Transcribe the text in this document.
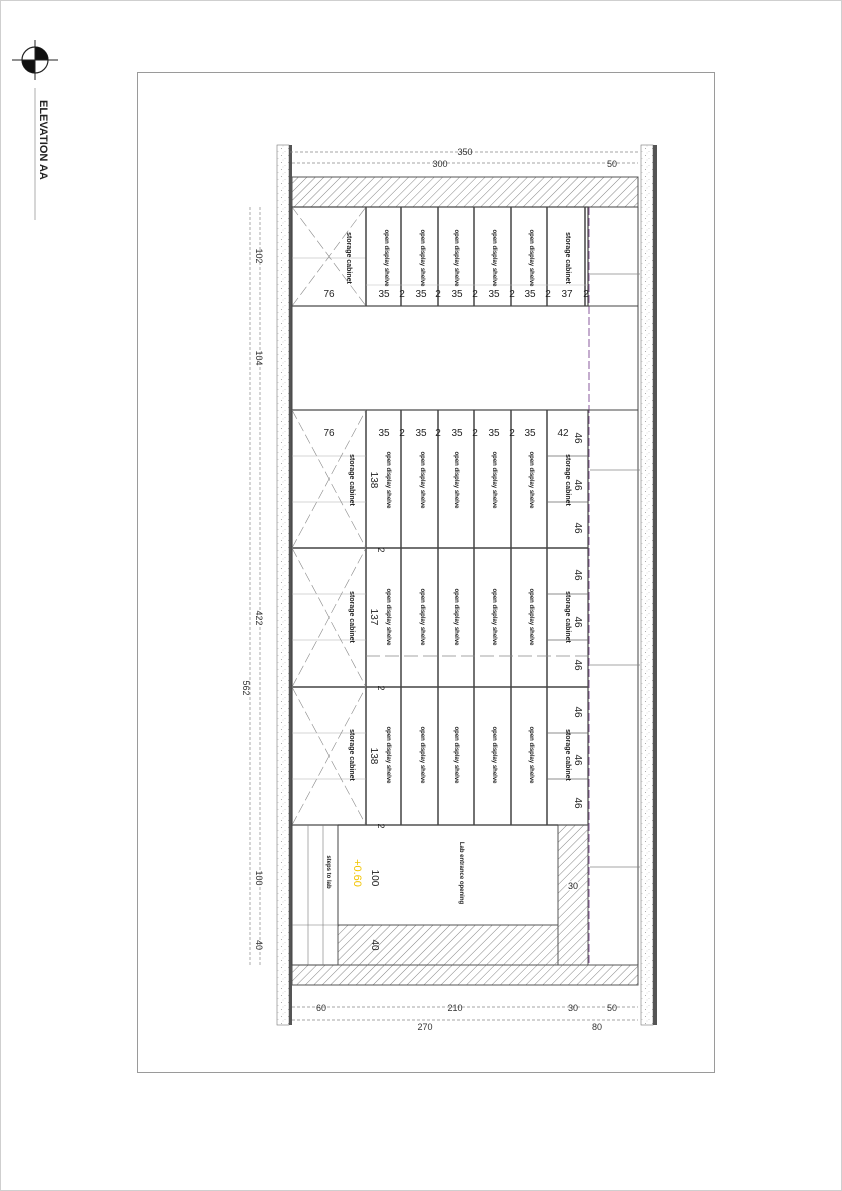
ELEVATION AA	350
300	50
102
104
422
100
40
562
60	210	30	50
270	80
76	35 2 35 2 35 2 35 2 35 2 37 2
76	35 2 35 2 35 2 35 2 35 42
138
137
138
2
2
2
46
46
46
46
46
46
46
46
46
100
40
30
storage cabinet	open display shelve	open display shelve	open display shelve	open display shelve	open display shelve	storage cabinet
storage cabinet	open display shelve	open display shelve	open display shelve	open display shelve	open display shelve	storage cabinet
storage cabinet	open display shelve	open display shelve	open display shelve	open display shelve	open display shelve	storage cabinet
storage cabinet	open display shelve	open display shelve	open display shelve	open display shelve	open display shelve	storage cabinet
steps to lab	Lab entrance opening
+0.60
